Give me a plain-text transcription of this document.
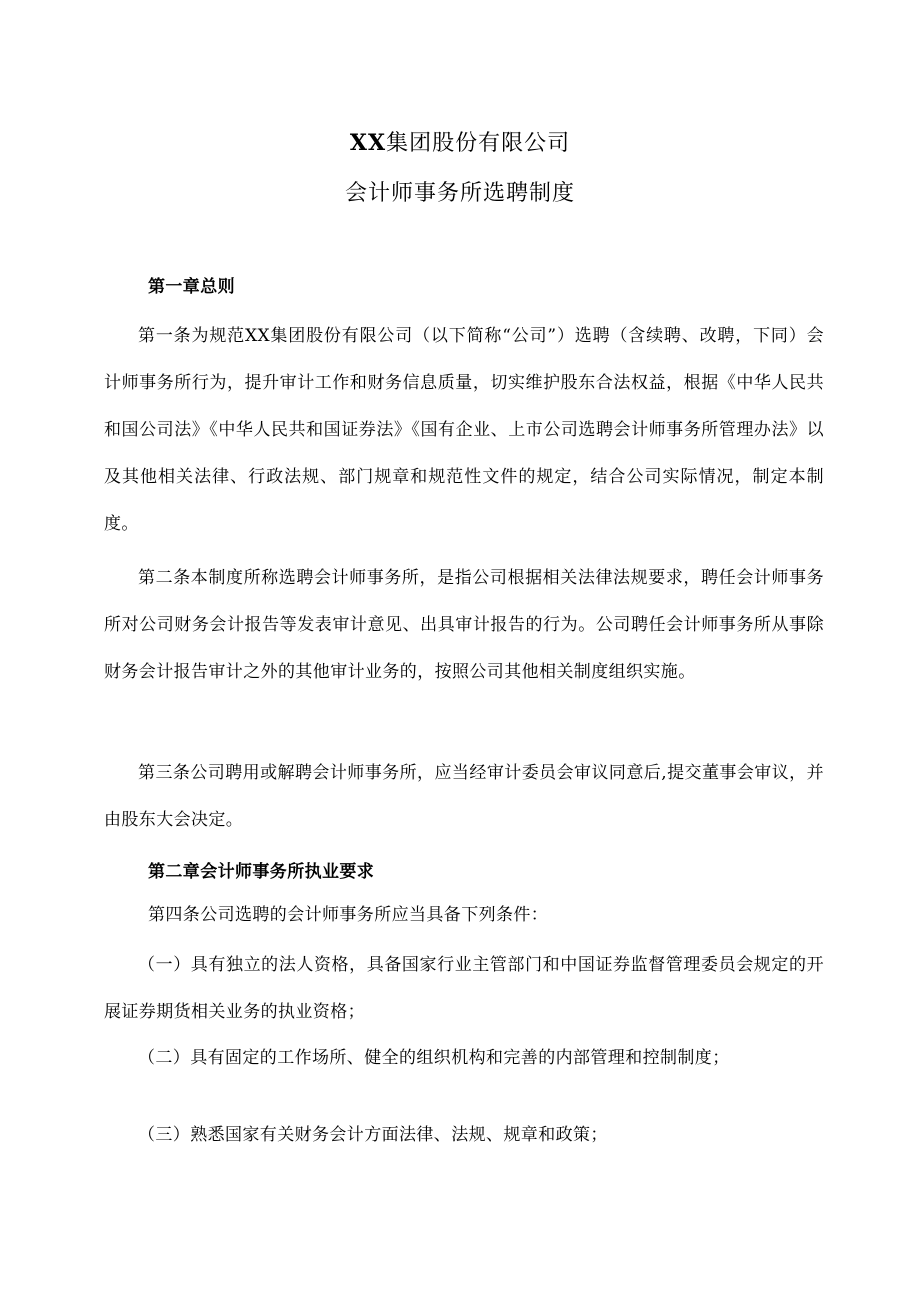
XX集团股份有限公司
会计师事务所选聘制度
第一章总则
第一条为规范XX集团股份有限公司（以下简称“公司”）选聘（含续聘、改聘，下同）会计师事务所行为，提升审计工作和财务信息质量，切实维护股东合法权益，根据《中华人民共和国公司法》《中华人民共和国证券法》《国有企业、上市公司选聘会计师事务所管理办法》以及其他相关法律、行政法规、部门规章和规范性文件的规定，结合公司实际情况，制定本制度。
第二条本制度所称选聘会计师事务所，是指公司根据相关法律法规要求，聘任会计师事务所对公司财务会计报告等发表审计意见、出具审计报告的行为。公司聘任会计师事务所从事除财务会计报告审计之外的其他审计业务的，按照公司其他相关制度组织实施。
第三条公司聘用或解聘会计师事务所，应当经审计委员会审议同意后,提交董事会审议，并由股东大会决定。
第二章会计师事务所执业要求
第四条公司选聘的会计师事务所应当具备下列条件：
（一）具有独立的法人资格，具备国家行业主管部门和中国证券监督管理委员会规定的开展证券期货相关业务的执业资格；
（二）具有固定的工作场所、健全的组织机构和完善的内部管理和控制制度；
（三）熟悉国家有关财务会计方面法律、法规、规章和政策；
